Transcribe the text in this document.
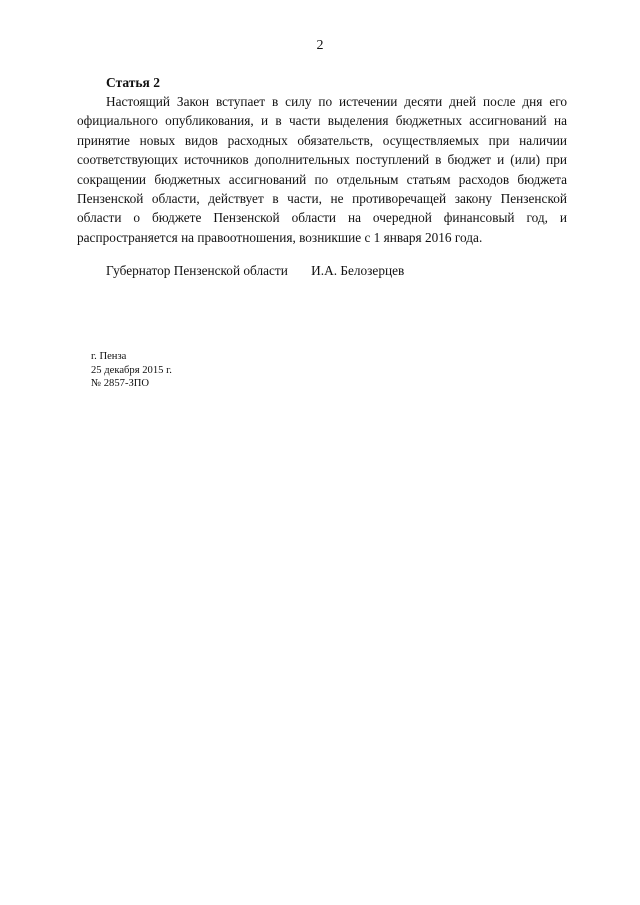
2
Статья 2
Настоящий Закон вступает в силу по истечении десяти дней после дня его официального опубликования, и в части выделения бюджетных ассигнований на принятие новых видов расходных обязательств, осуществляемых при наличии соответствующих источников дополнительных поступлений в бюджет и (или) при сокращении бюджетных ассигнований по отдельным статьям расходов бюджета Пензенской области, действует в части, не противоречащей закону Пензенской области о бюджете Пензенской области на очередной финансовый год, и распространяется на правоотношения, возникшие с 1 января 2016 года.
Губернатор Пензенской области И.А. Белозерцев
г. Пенза
25 декабря 2015 г.
№ 2857-ЗПО
